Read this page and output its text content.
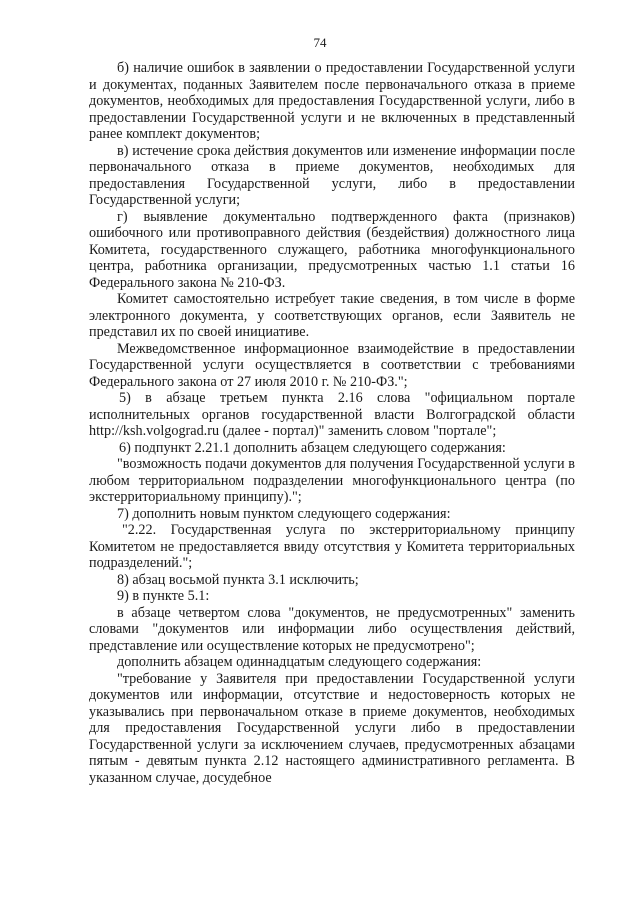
74

б) наличие ошибок в заявлении о предоставлении Государственной услуги и документах, поданных Заявителем после первоначального отказа в приеме документов, необходимых для предоставления Государственной услуги, либо в предоставлении Государственной услуги и не включенных в представленный ранее комплект документов;

в) истечение срока действия документов или изменение информации после первоначального отказа в приеме документов, необходимых для предоставления Государственной услуги, либо в предоставлении Государственной услуги;

г) выявление документально подтвержденного факта (признаков) ошибочного или противоправного действия (бездействия) должностного лица Комитета, государственного служащего, работника многофункционального центра, работника организации, предусмотренных частью 1.1 статьи 16 Федерального закона № 210-ФЗ.

Комитет самостоятельно истребует такие сведения, в том числе в форме электронного документа, у соответствующих органов, если Заявитель не представил их по своей инициативе.

Межведомственное информационное взаимодействие в предоставлении Государственной услуги осуществляется в соответствии с требованиями Федерального закона от 27 июля 2010 г. № 210-ФЗ.";

5) в абзаце третьем пункта 2.16 слова "официальном портале исполнительных органов государственной власти Волгоградской области http://ksh.volgograd.ru (далее - портал)" заменить словом "портале";

6) подпункт 2.21.1 дополнить абзацем следующего содержания:

"возможность подачи документов для получения Государственной услуги в любом территориальном подразделении многофункционального центра (по экстерриториальному принципу).";

7) дополнить новым пунктом следующего содержания:

"2.22. Государственная услуга по экстерриториальному принципу Комитетом не предоставляется ввиду отсутствия у Комитета территориальных подразделений.";

8) абзац восьмой пункта 3.1 исключить;

9) в пункте 5.1:

в абзаце четвертом слова "документов, не предусмотренных" заменить словами "документов или информации либо осуществления действий, представление или осуществление которых не предусмотрено";

дополнить абзацем одиннадцатым следующего содержания:

"требование у Заявителя при предоставлении Государственной услуги документов или информации, отсутствие и недостоверность которых не указывались при первоначальном отказе в приеме документов, необходимых для предоставления Государственной услуги либо в предоставлении Государственной услуги за исключением случаев, предусмотренных абзацами пятым - девятым пункта 2.12 настоящего административного регламента. В указанном случае, досудебное
